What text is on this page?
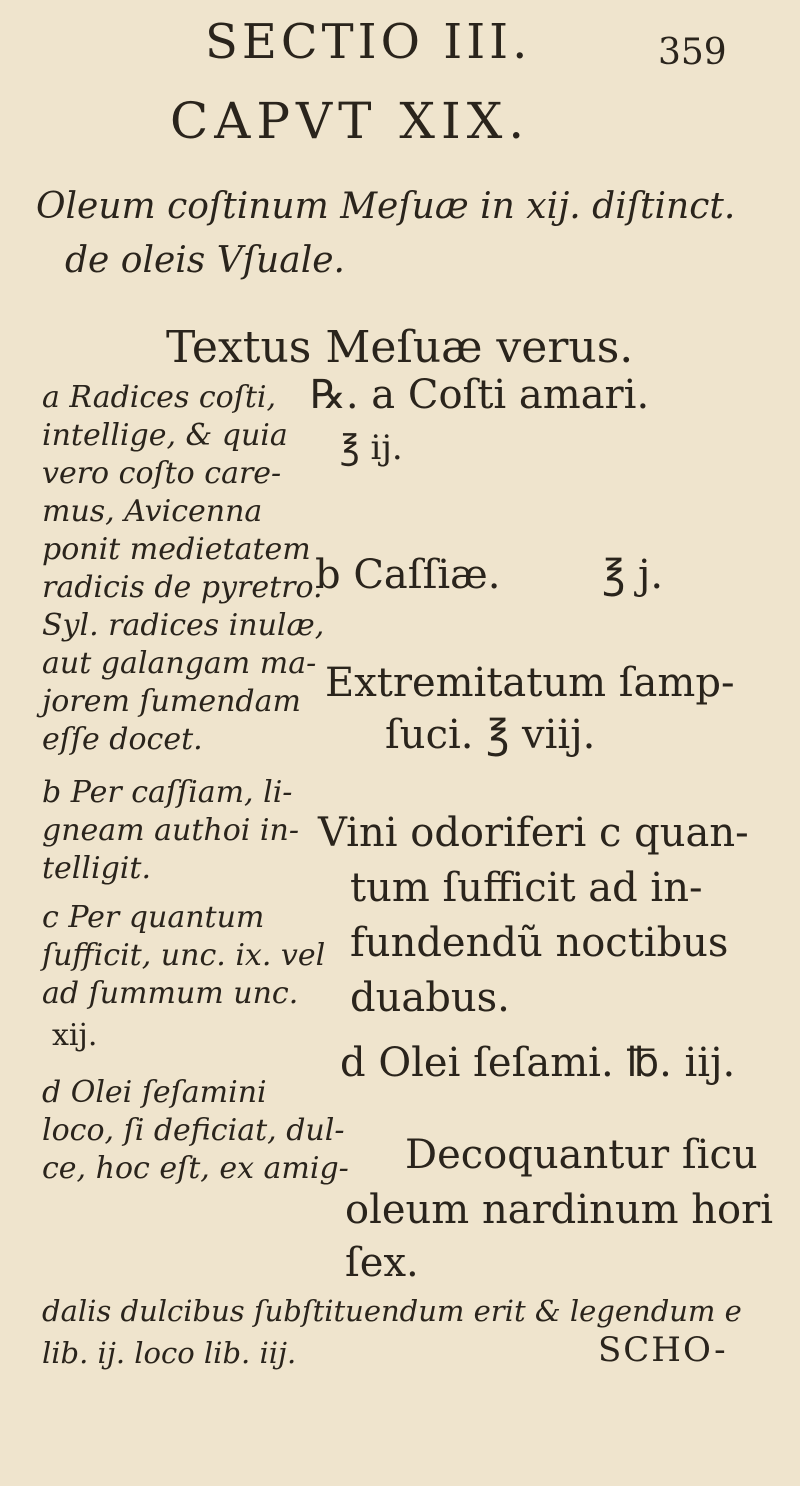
SECTIO III.	359
CAPVT XIX.
Oleum coſtinum Meſuæ in xij. diſtinct.
de oleis Vſuale.
Textus Meſuæ verus.
a Radices coſti,
intellige, & quia
vero coſto care-
mus, Avicenna
ponit medietatem
radicis de pyretro.
Syl. radices inulæ,
aut galangam ma-
jorem ſumendam
eſſe docet.
b Per caſſiam, li-
gneam authoi in-
telligit.
c Per quantum
ſufficit, unc. ix. vel
ad ſummum unc.
xij.
d Olei ſeſamini
loco, ſi deficiat, dul-
ce, hoc eſt, ex amig-
℞. a Coſti amari.
℥ ij.
b Caſſiæ.        ℥ j.
Extremitatum ſamp-
ſuci. ℥ viij.
Vini odoriferi c quan-
tum ſufficit ad in-
fundendũ noctibus
duabus.
d Olei ſeſami. ℔. iij.
Decoquantur ſicu
oleum nardinum hori
ſex.
dalis dulcibus ſubſtituendum erit & legendum e
lib. ij. loco lib. iij.	SCHO-
